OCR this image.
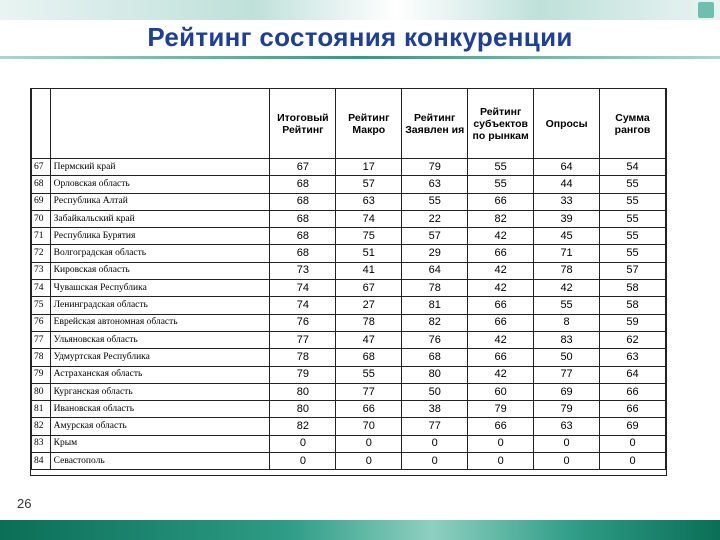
Рейтинг состояния конкуренции
		Итоговый Рейтинг	Рейтинг Макро	Рейтинг Заявлен ия	Рейтинг субъектов по рынкам	Опросы	Сумма рангов
67	Пермский край	67	17	79	55	64	54
68	Орловская область	68	57	63	55	44	55
69	Республика Алтай	68	63	55	66	33	55
70	Забайкальский край	68	74	22	82	39	55
71	Республика Бурятия	68	75	57	42	45	55
72	Волгоградская область	68	51	29	66	71	55
73	Кировская область	73	41	64	42	78	57
74	Чувашская Республика	74	67	78	42	42	58
75	Ленинградская область	74	27	81	66	55	58
76	Еврейская автономная область	76	78	82	66	8	59
77	Ульяновская область	77	47	76	42	83	62
78	Удмуртская Республика	78	68	68	66	50	63
79	Астраханская область	79	55	80	42	77	64
80	Курганская область	80	77	50	60	69	66
81	Ивановская область	80	66	38	79	79	66
82	Амурская область	82	70	77	66	63	69
83	Крым	0	0	0	0	0	0
84	Севастополь	0	0	0	0	0	0
26
